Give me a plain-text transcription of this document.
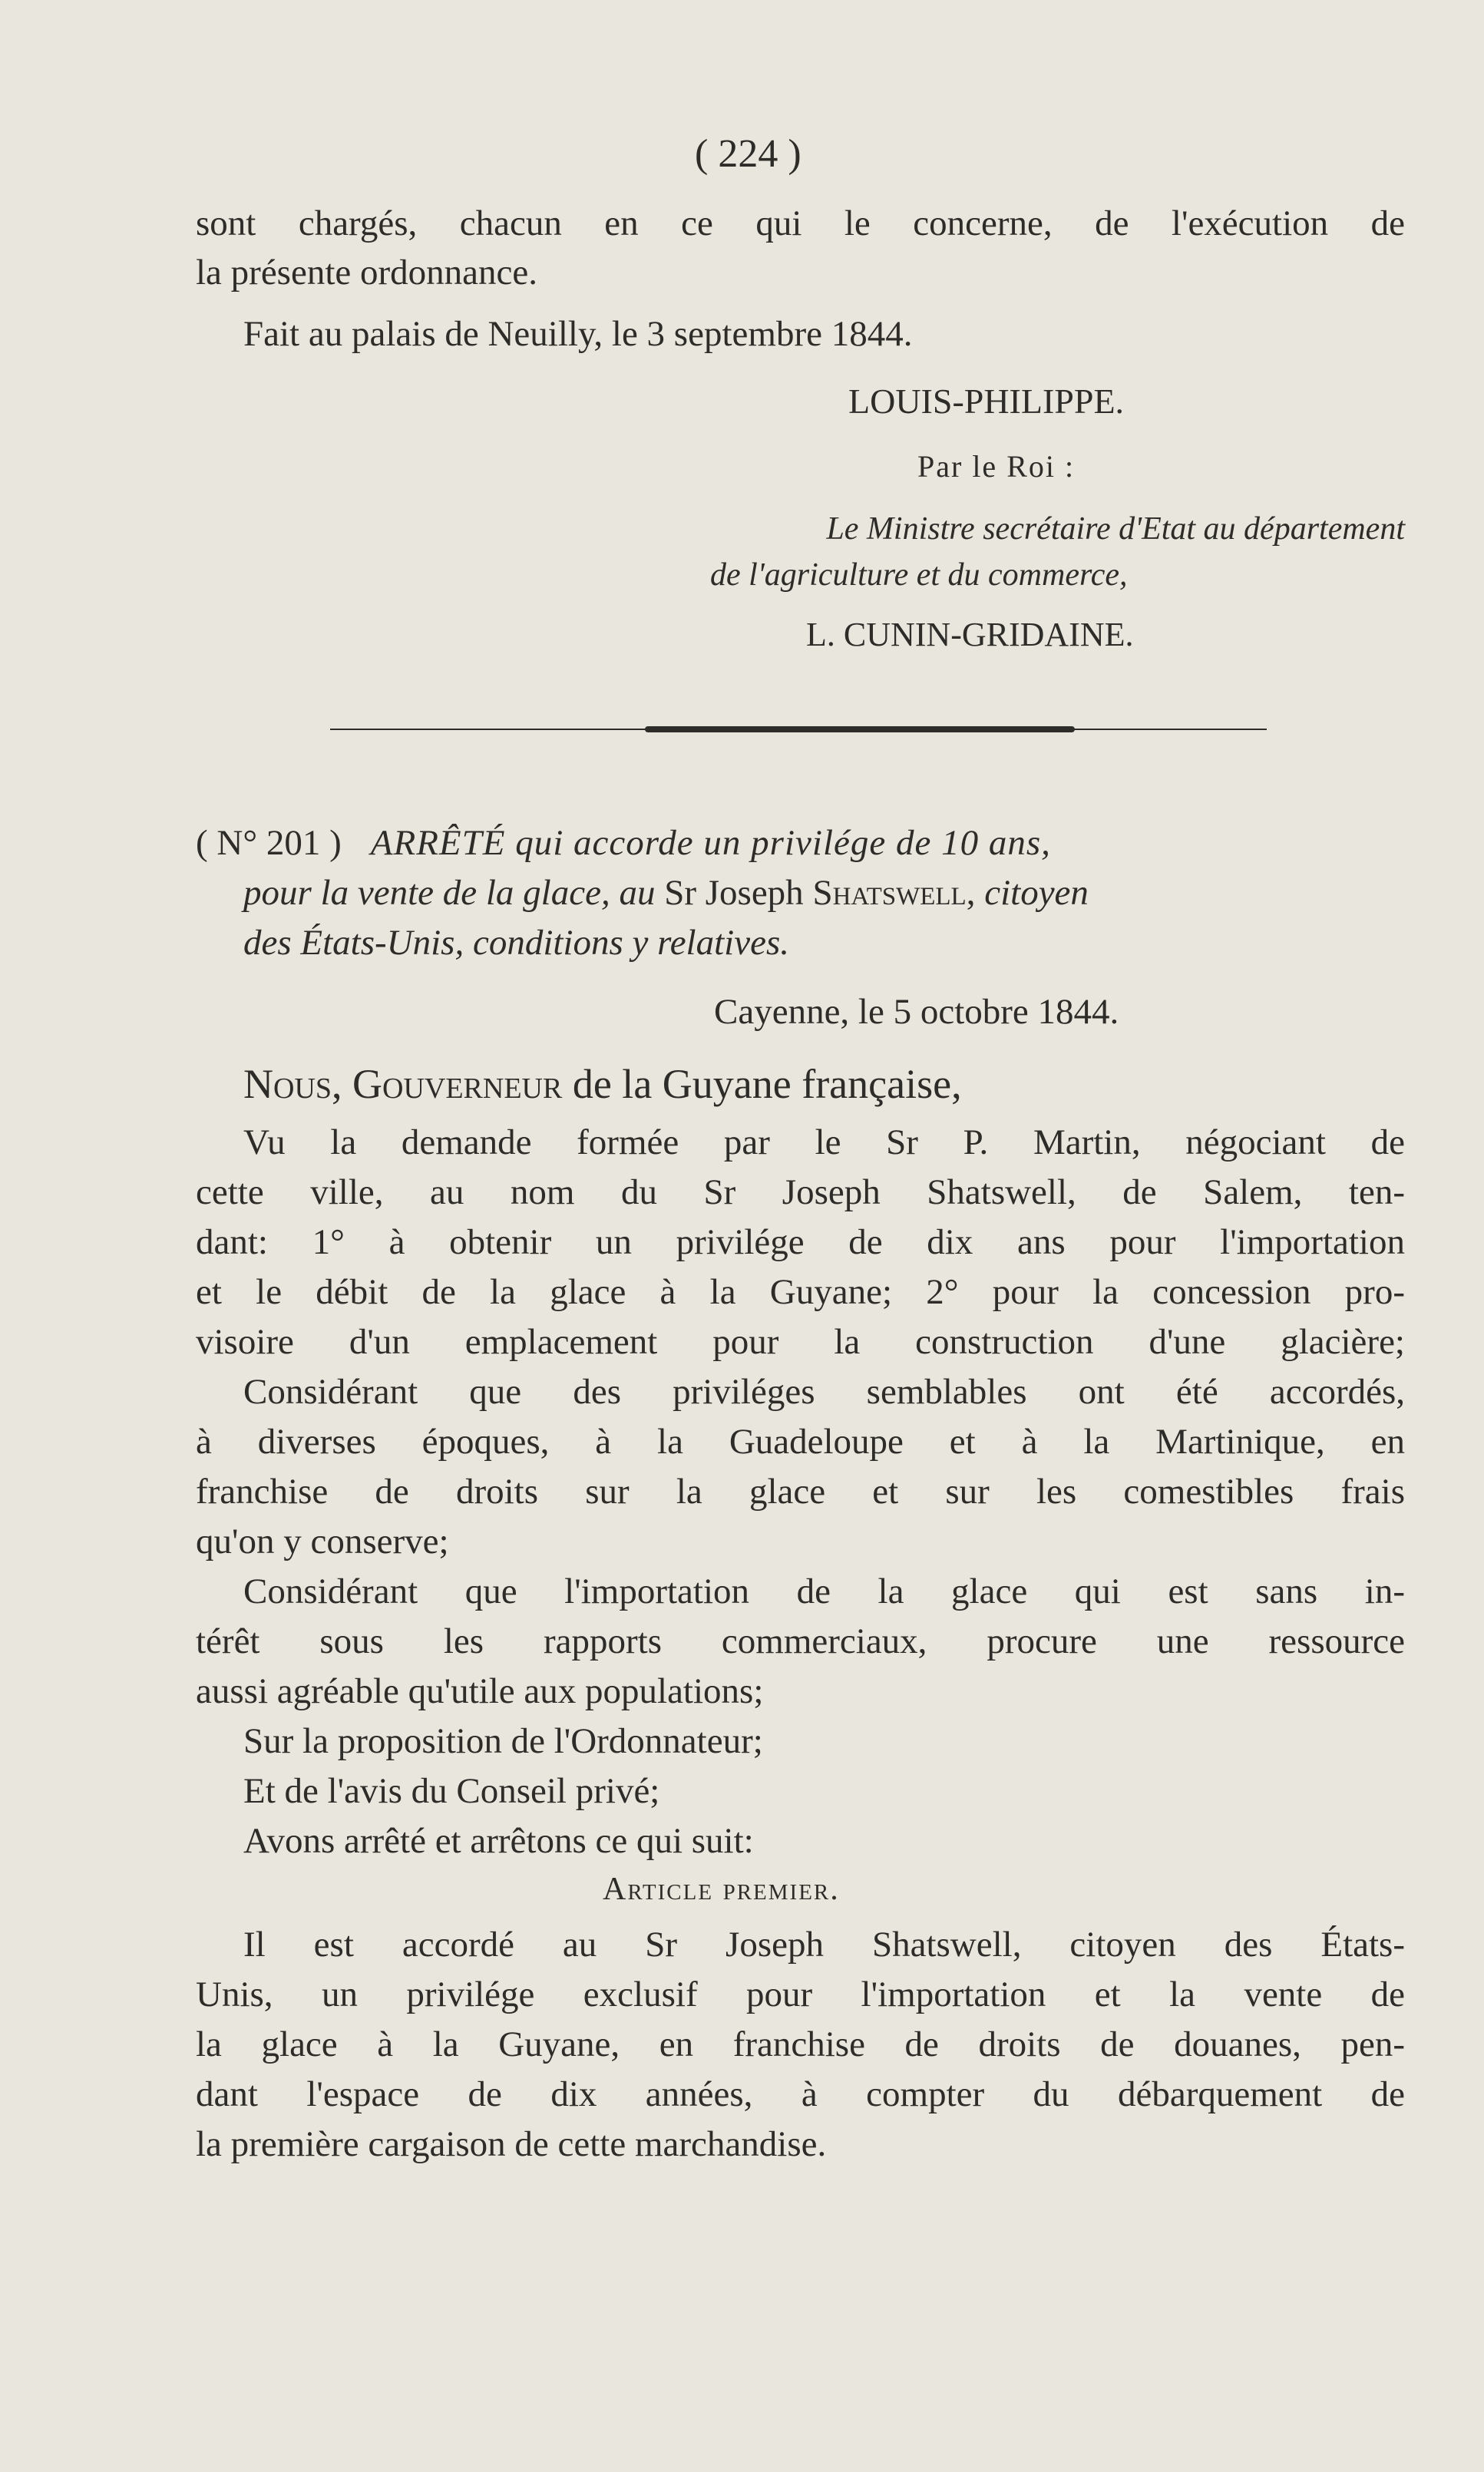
( 224 )
sont chargés, chacun en ce qui le concerne, de l'exécution de
la présente ordonnance.
Fait au palais de Neuilly, le 3 septembre 1844.
LOUIS-PHILIPPE.
Par le Roi :
Le Ministre secrétaire d'Etat au département
de l'agriculture et du commerce,
L. CUNIN-GRIDAINE.
( N° 201 ) ARRÊTÉ qui accorde un privilége de 10 ans,
pour la vente de la glace, au Sr Joseph Shatswell, citoyen
des États-Unis, conditions y relatives.
Cayenne, le 5 octobre 1844.
Nous, Gouverneur de la Guyane française,
Vu la demande formée par le Sr P. Martin, négociant de
cette ville, au nom du Sr Joseph Shatswell, de Salem, ten-
dant: 1° à obtenir un privilége de dix ans pour l'importation
et le débit de la glace à la Guyane; 2° pour la concession pro-
visoire d'un emplacement pour la construction d'une glacière;
Considérant que des priviléges semblables ont été accordés,
à diverses époques, à la Guadeloupe et à la Martinique, en
franchise de droits sur la glace et sur les comestibles frais
qu'on y conserve;
Considérant que l'importation de la glace qui est sans in-
térêt sous les rapports commerciaux, procure une ressource
aussi agréable qu'utile aux populations;
Sur la proposition de l'Ordonnateur;
Et de l'avis du Conseil privé;
Avons arrêté et arrêtons ce qui suit:
Article premier.
Il est accordé au Sr Joseph Shatswell, citoyen des États-
Unis, un privilége exclusif pour l'importation et la vente de
la glace à la Guyane, en franchise de droits de douanes, pen-
dant l'espace de dix années, à compter du débarquement de
la première cargaison de cette marchandise.
